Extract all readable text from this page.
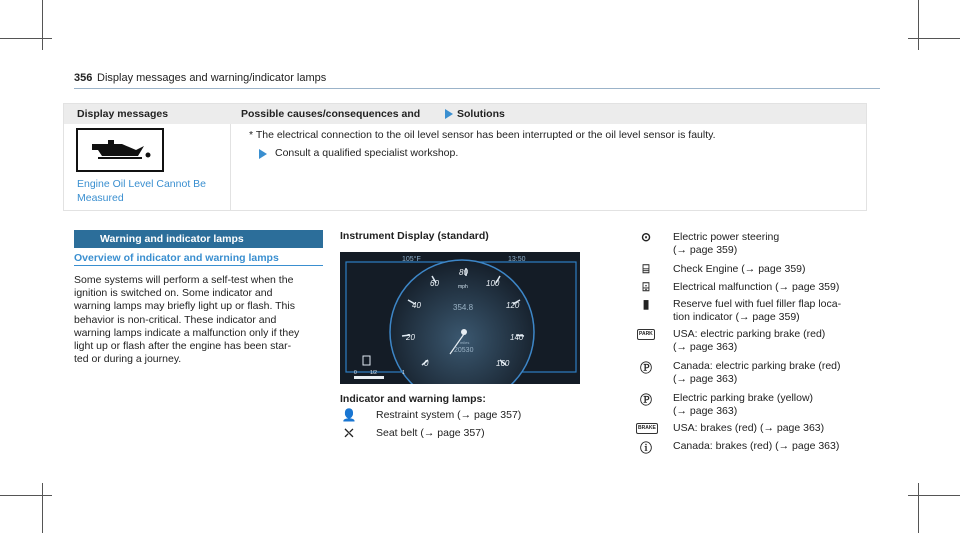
356 Display messages and warning/indicator lamps
Display messages	Possible causes/consequences and	Solutions
Engine Oil Level Cannot Be Measured
* The electrical connection to the oil level sensor has been interrupted or the oil level sensor is faulty.
Consult a qualified specialist workshop.
Warning and indicator lamps
Overview of indicator and warning lamps
Some systems will perform a self-test when the
ignition is switched on. Some indicator and
warning lamps may briefly light up or flash. This
behavior is non-critical. These indicator and
warning lamps indicate a malfunction only if they
light up or flash after the engine has been star-
ted or during a journey.
Instrument Display (standard)
105°F	13:50
0
20
40
60
80
100
120
140
160
mph
354.8
miles
20530
0	1/2	1
Indicator and warning lamps:
👤 Restraint system (→ page 357)
⛌	Seat belt (→ page 357)
⊙	Electric power steering
(→ page 359)
⌸	Check Engine (→ page 359)
⌹	Electrical malfunction (→ page 359)
▮	Reserve fuel with fuel filler flap loca-
tion indicator (→ page 359)
PARK USA: electric parking brake (red)
(→ page 363)
Ⓟ Canada: electric parking brake (red)
(→ page 363)
Ⓟ Electric parking brake (yellow)
(→ page 363)
BRAKE USA: brakes (red) (→ page 363)
ⓘ Canada: brakes (red) (→ page 363)
